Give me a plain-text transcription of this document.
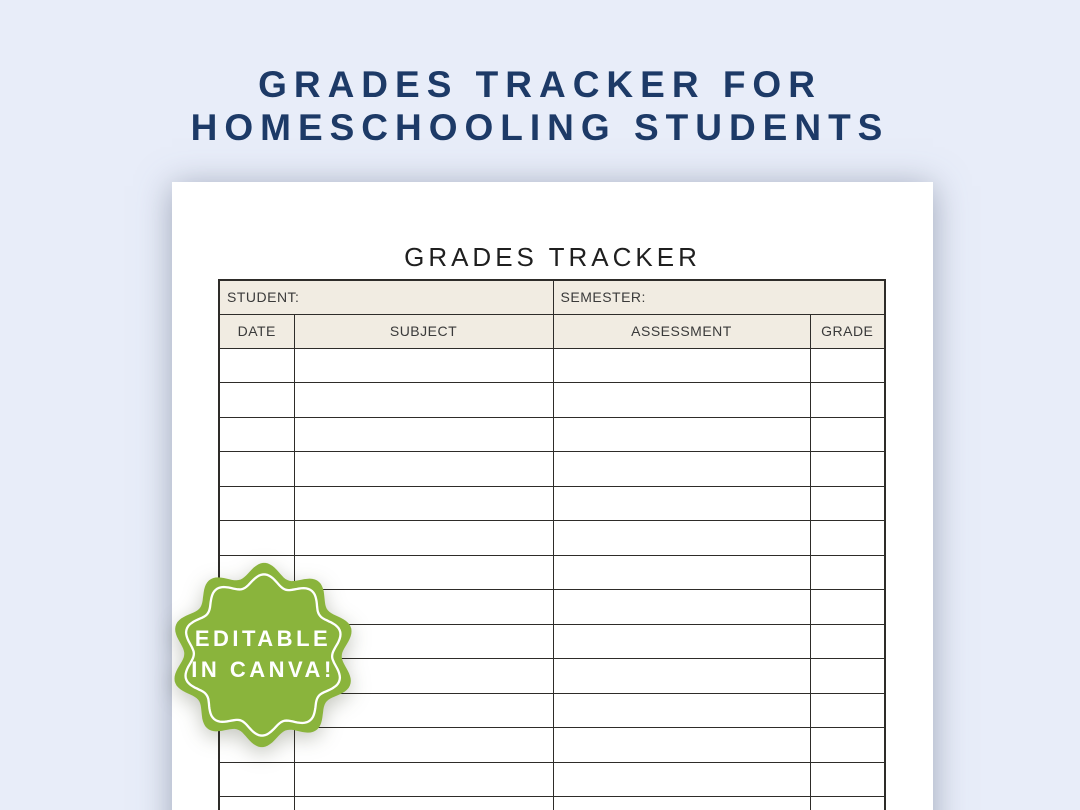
GRADES TRACKER FOR
HOMESCHOOLING STUDENTS
GRADES TRACKER
STUDENT:		SEMESTER:	
DATE	SUBJECT	ASSESSMENT	GRADE

EDITABLE
IN CANVA!
